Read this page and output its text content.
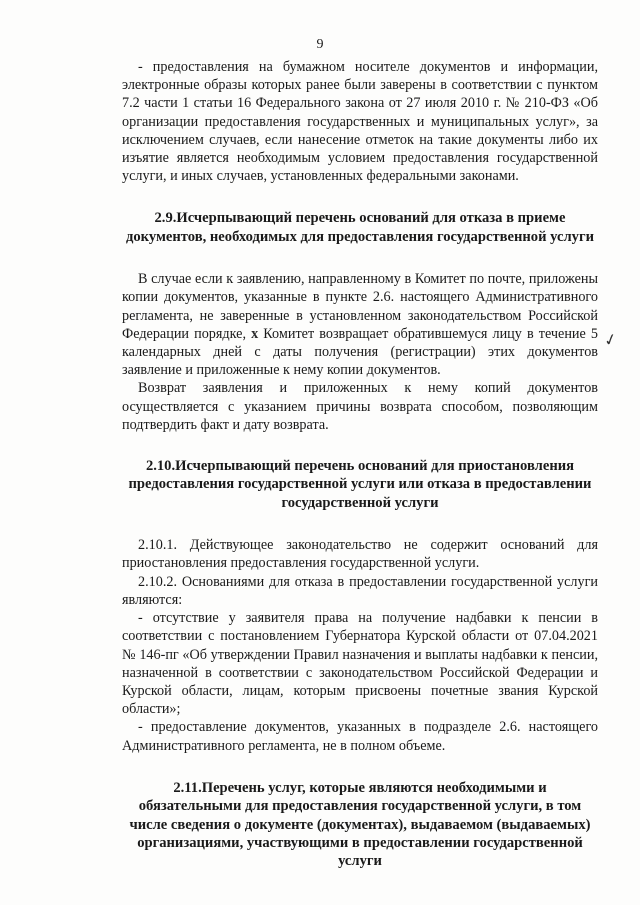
9

- предоставления на бумажном носителе документов и информации, электронные образы которых ранее были заверены в соответствии с пунктом 7.2 части 1 статьи 16 Федерального закона от 27 июля 2010 г. № 210-ФЗ «Об организации предоставления государственных и муниципальных услуг», за исключением случаев, если нанесение отметок на такие документы либо их изъятие является необходимым условием предоставления государственной услуги, и иных случаев, установленных федеральными законами.

2.9.Исчерпывающий перечень оснований для отказа в приеме документов, необходимых для предоставления государственной услуги

В случае если к заявлению, направленному в Комитет по почте, приложены копии документов, указанные в пункте 2.6. настоящего Административного регламента, не заверенные в установленном законодательством Российской Федерации порядке, х Комитет возвращает обратившемуся лицу в течение 5 календарных дней с даты получения (регистрации) этих документов заявление и приложенные к нему копии документов.

Возврат заявления и приложенных к нему копий документов осуществляется с указанием причины возврата способом, позволяющим подтвердить факт и дату возврата.

2.10.Исчерпывающий перечень оснований для приостановления предоставления государственной услуги или отказа в предоставлении государственной услуги

2.10.1. Действующее законодательство не содержит оснований для приостановления предоставления государственной услуги.

2.10.2. Основаниями для отказа в предоставлении государственной услуги являются:

- отсутствие у заявителя права на получение надбавки к пенсии в соответствии с постановлением Губернатора Курской области от 07.04.2021 № 146-пг «Об утверждении Правил назначения и выплаты надбавки к пенсии, назначенной в соответствии с законодательством Российской Федерации и Курской области, лицам, которым присвоены почетные звания Курской области»;

- предоставление документов, указанных в подразделе 2.6. настоящего Административного регламента, не в полном объеме.

2.11.Перечень услуг, которые являются необходимыми и обязательными для предоставления государственной услуги, в том числе сведения о документе (документах), выдаваемом (выдаваемых) организациями, участвующими в предоставлении государственной услуги

✓
